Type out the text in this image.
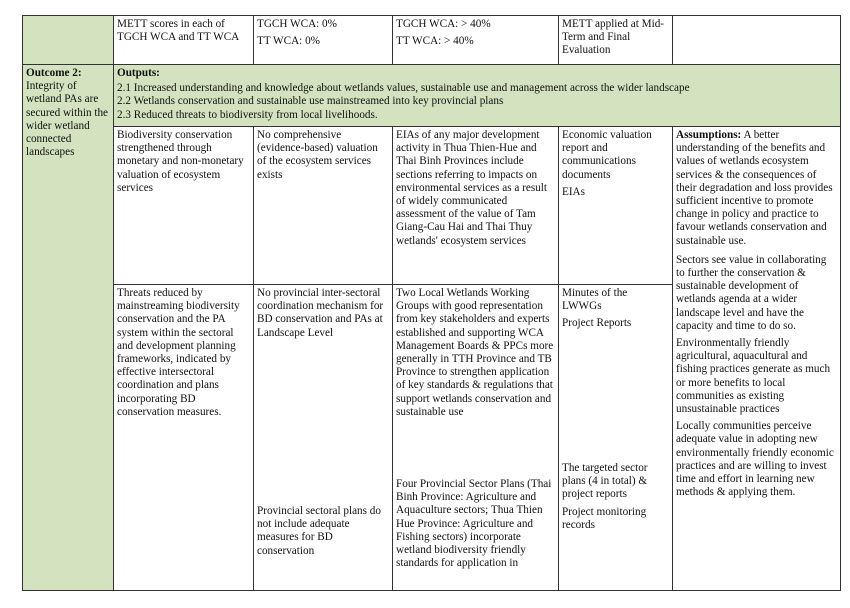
Outcome 2:

Integrity of wetland PAs are secured within the wider wetland connected landscapes

Outputs:

2.1 Increased understanding and knowledge about wetlands values, sustainable use and management across the wider landscape

2.2 Wetlands conservation and sustainable use mainstreamed into key provincial plans

2.3 Reduced threats to biodiversity from local livelihoods.

METT scores in each of TGCH WCA and TT WCA

TGCH WCA: 0%

TT WCA: 0%

TGCH WCA: > 40%

TT WCA: > 40%

METT applied at Mid-Term and Final Evaluation

Biodiversity conservation strengthened through monetary and non-monetary valuation of ecosystem services

No comprehensive (evidence-based) valuation of the ecosystem services exists

EIAs of any major development activity in Thua Thien-Hue and Thai Binh Provinces include sections referring to impacts on environmental services as a result of widely communicated assessment of the value of Tam Giang-Cau Hai and Thai Thuy wetlands' ecosystem services

Economic valuation report and communications documents

EIAs

Assumptions: A better understanding of the benefits and values of wetlands ecosystem services & the consequences of their degradation and loss provides sufficient incentive to promote change in policy and practice to favour wetlands conservation and sustainable use.

Sectors see value in collaborating to further the conservation & sustainable development of wetlands agenda at a wider landscape level and have the capacity and time to do so.

Environmentally friendly agricultural, aquacultural and fishing practices generate as much or more benefits to local communities as existing unsustainable practices

Locally communities perceive adequate value in adopting new environmentally friendly economic practices and are willing to invest time and effort in learning new methods & applying them.

Threats reduced by mainstreaming biodiversity conservation and the PA system within the sectoral and development planning frameworks, indicated by effective intersectoral coordination and plans incorporating BD conservation measures.

No provincial inter-sectoral coordination mechanism for BD conservation and PAs at Landscape Level

Provincial sectoral plans do not include adequate measures for BD conservation

Two Local Wetlands Working Groups with good representation from key stakeholders and experts established and supporting WCA Management Boards & PPCs more generally in TTH Province and TB Province to strengthen application of key standards & regulations that support wetlands conservation and sustainable use

Four Provincial Sector Plans (Thai Binh Province: Agriculture and Aquaculture sectors; Thua Thien Hue Province: Agriculture and Fishing sectors) incorporate wetland biodiversity friendly standards for application in

Minutes of the LWWGs

Project Reports

The targeted sector plans (4 in total) & project reports

Project monitoring records
